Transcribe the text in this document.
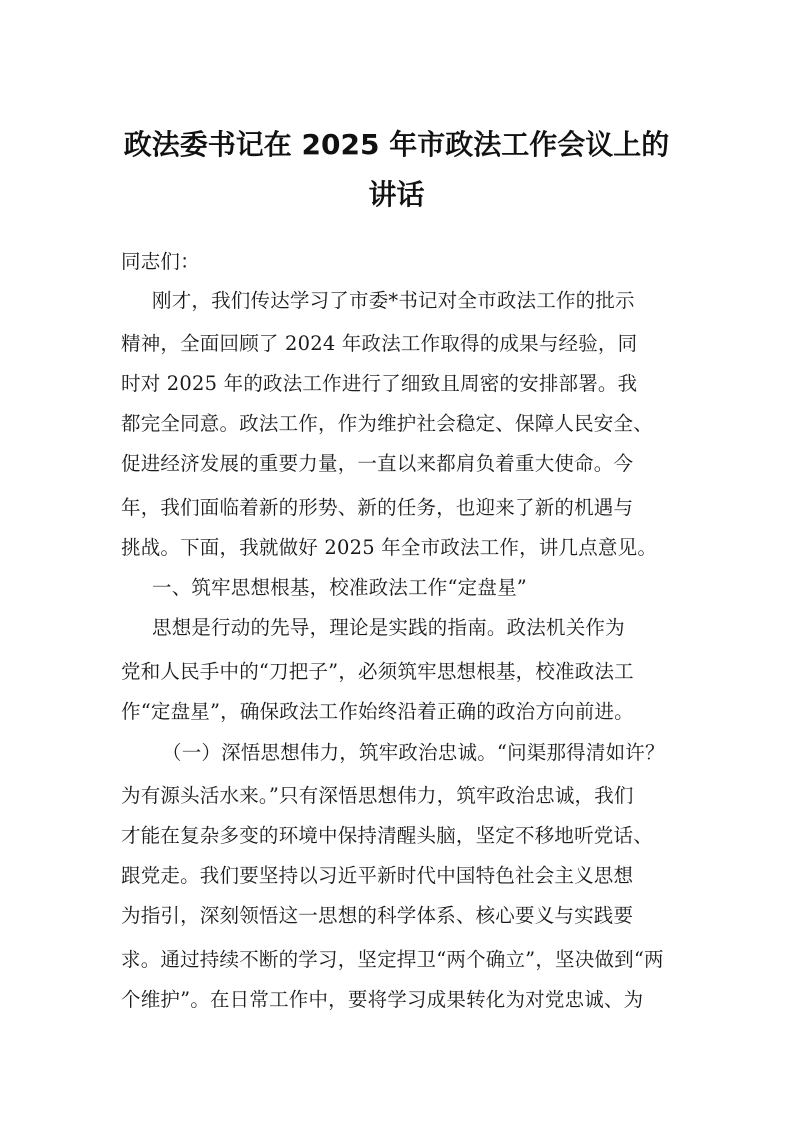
政法委书记在 2025 年市政法工作会议上的
讲话
同志们：
刚才，我们传达学习了市委*书记对全市政法工作的批示
精神，全面回顾了 2024 年政法工作取得的成果与经验，同
时对 2025 年的政法工作进行了细致且周密的安排部署。我
都完全同意。政法工作，作为维护社会稳定、保障人民安全、
促进经济发展的重要力量，一直以来都肩负着重大使命。今
年，我们面临着新的形势、新的任务，也迎来了新的机遇与
挑战。下面，我就做好 2025 年全市政法工作，讲几点意见。
一、筑牢思想根基，校准政法工作“定盘星”
思想是行动的先导，理论是实践的指南。政法机关作为
党和人民手中的“刀把子”，必须筑牢思想根基，校准政法工
作“定盘星”，确保政法工作始终沿着正确的政治方向前进。
（一）深悟思想伟力，筑牢政治忠诚。“问渠那得清如许？
为有源头活水来。”只有深悟思想伟力，筑牢政治忠诚，我们
才能在复杂多变的环境中保持清醒头脑，坚定不移地听党话、
跟党走。我们要坚持以习近平新时代中国特色社会主义思想
为指引，深刻领悟这一思想的科学体系、核心要义与实践要
求。通过持续不断的学习，坚定捍卫“两个确立”，坚决做到“两
个维护”。在日常工作中，要将学习成果转化为对党忠诚、为
